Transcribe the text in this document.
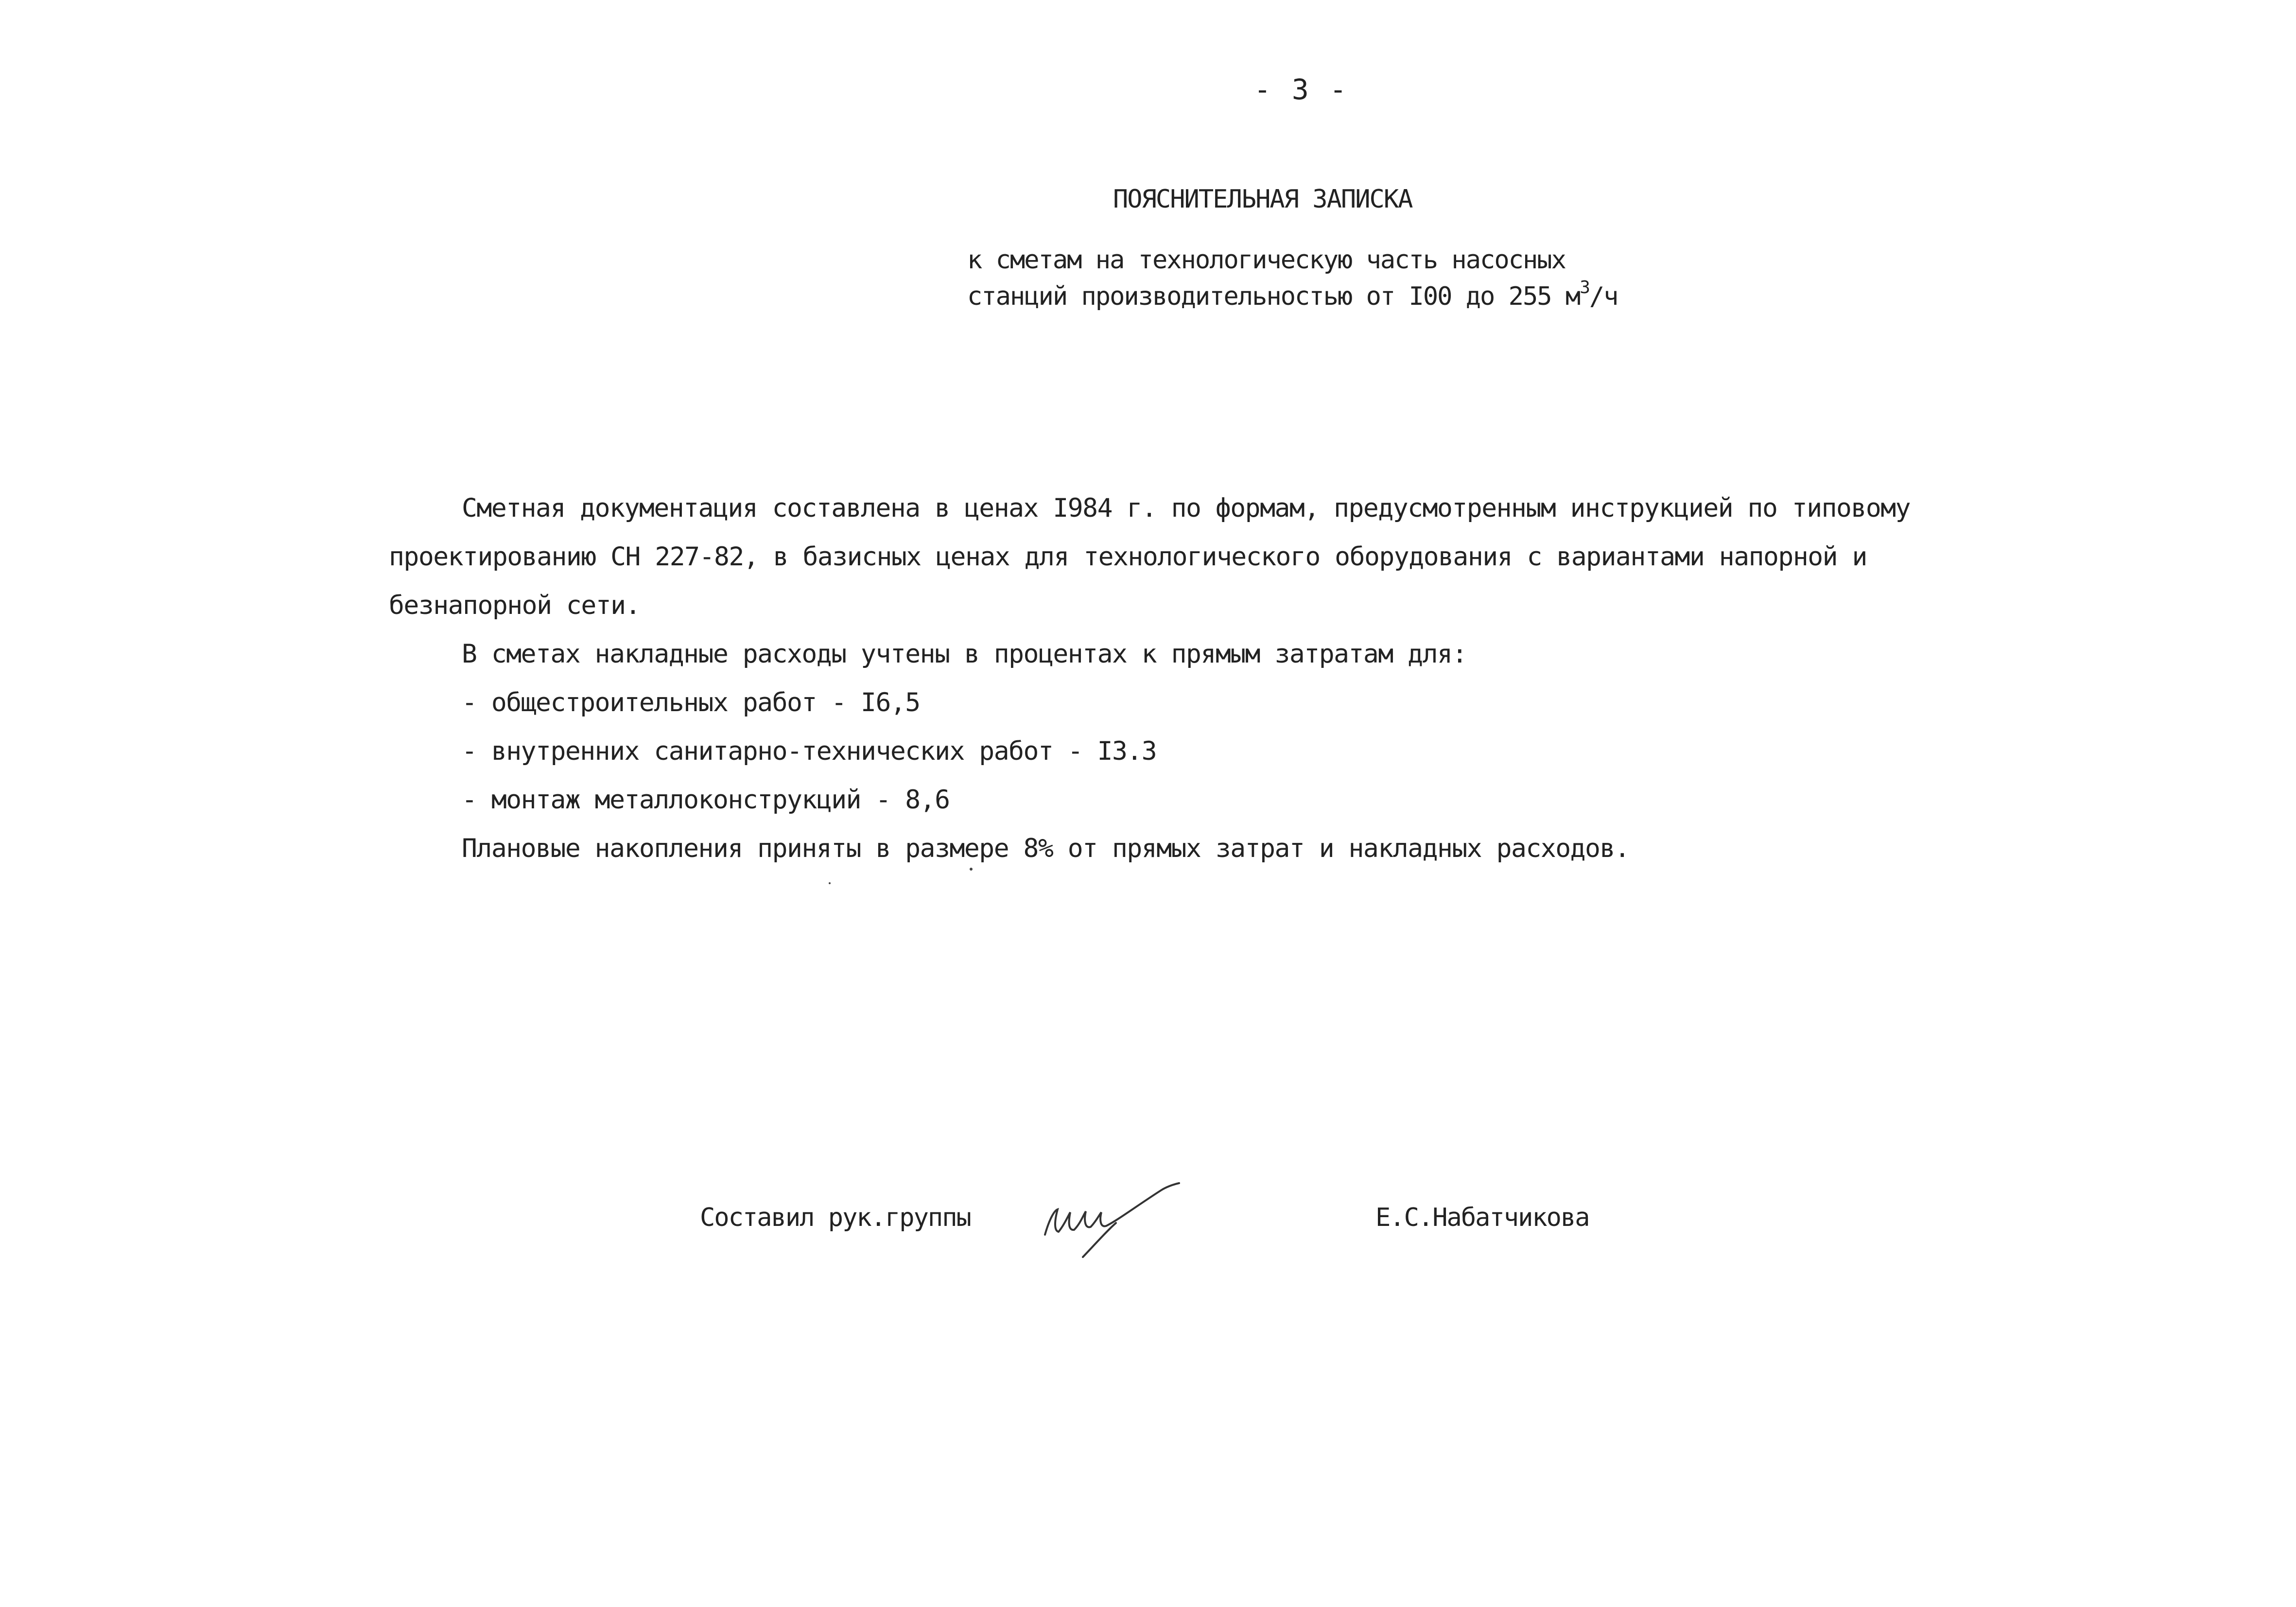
- 3 -
ПОЯСНИТЕЛЬНАЯ ЗАПИСКА
к сметам на технологическую часть насосных
станций производительностью от I00 до 255 $м^3/ч$
Сметная документация составлена в ценах I984 г. по формам, предусмотренным инструкцией по типовому
проектированию СН 227-82, в базисных ценах для технологического оборудования с вариантами напорной и
безнапорной сети.
В сметах накладные расходы учтены в процентах к прямым затратам для:
- общестроительных работ - I6,5
- внутренних санитарно-технических работ - I3.3
- монтаж металлоконструкций - 8,6
Плановые накопления приняты в размере 8% от прямых затрат и накладных расходов.
Составил рук.группы	Е.С.Набатчикова
